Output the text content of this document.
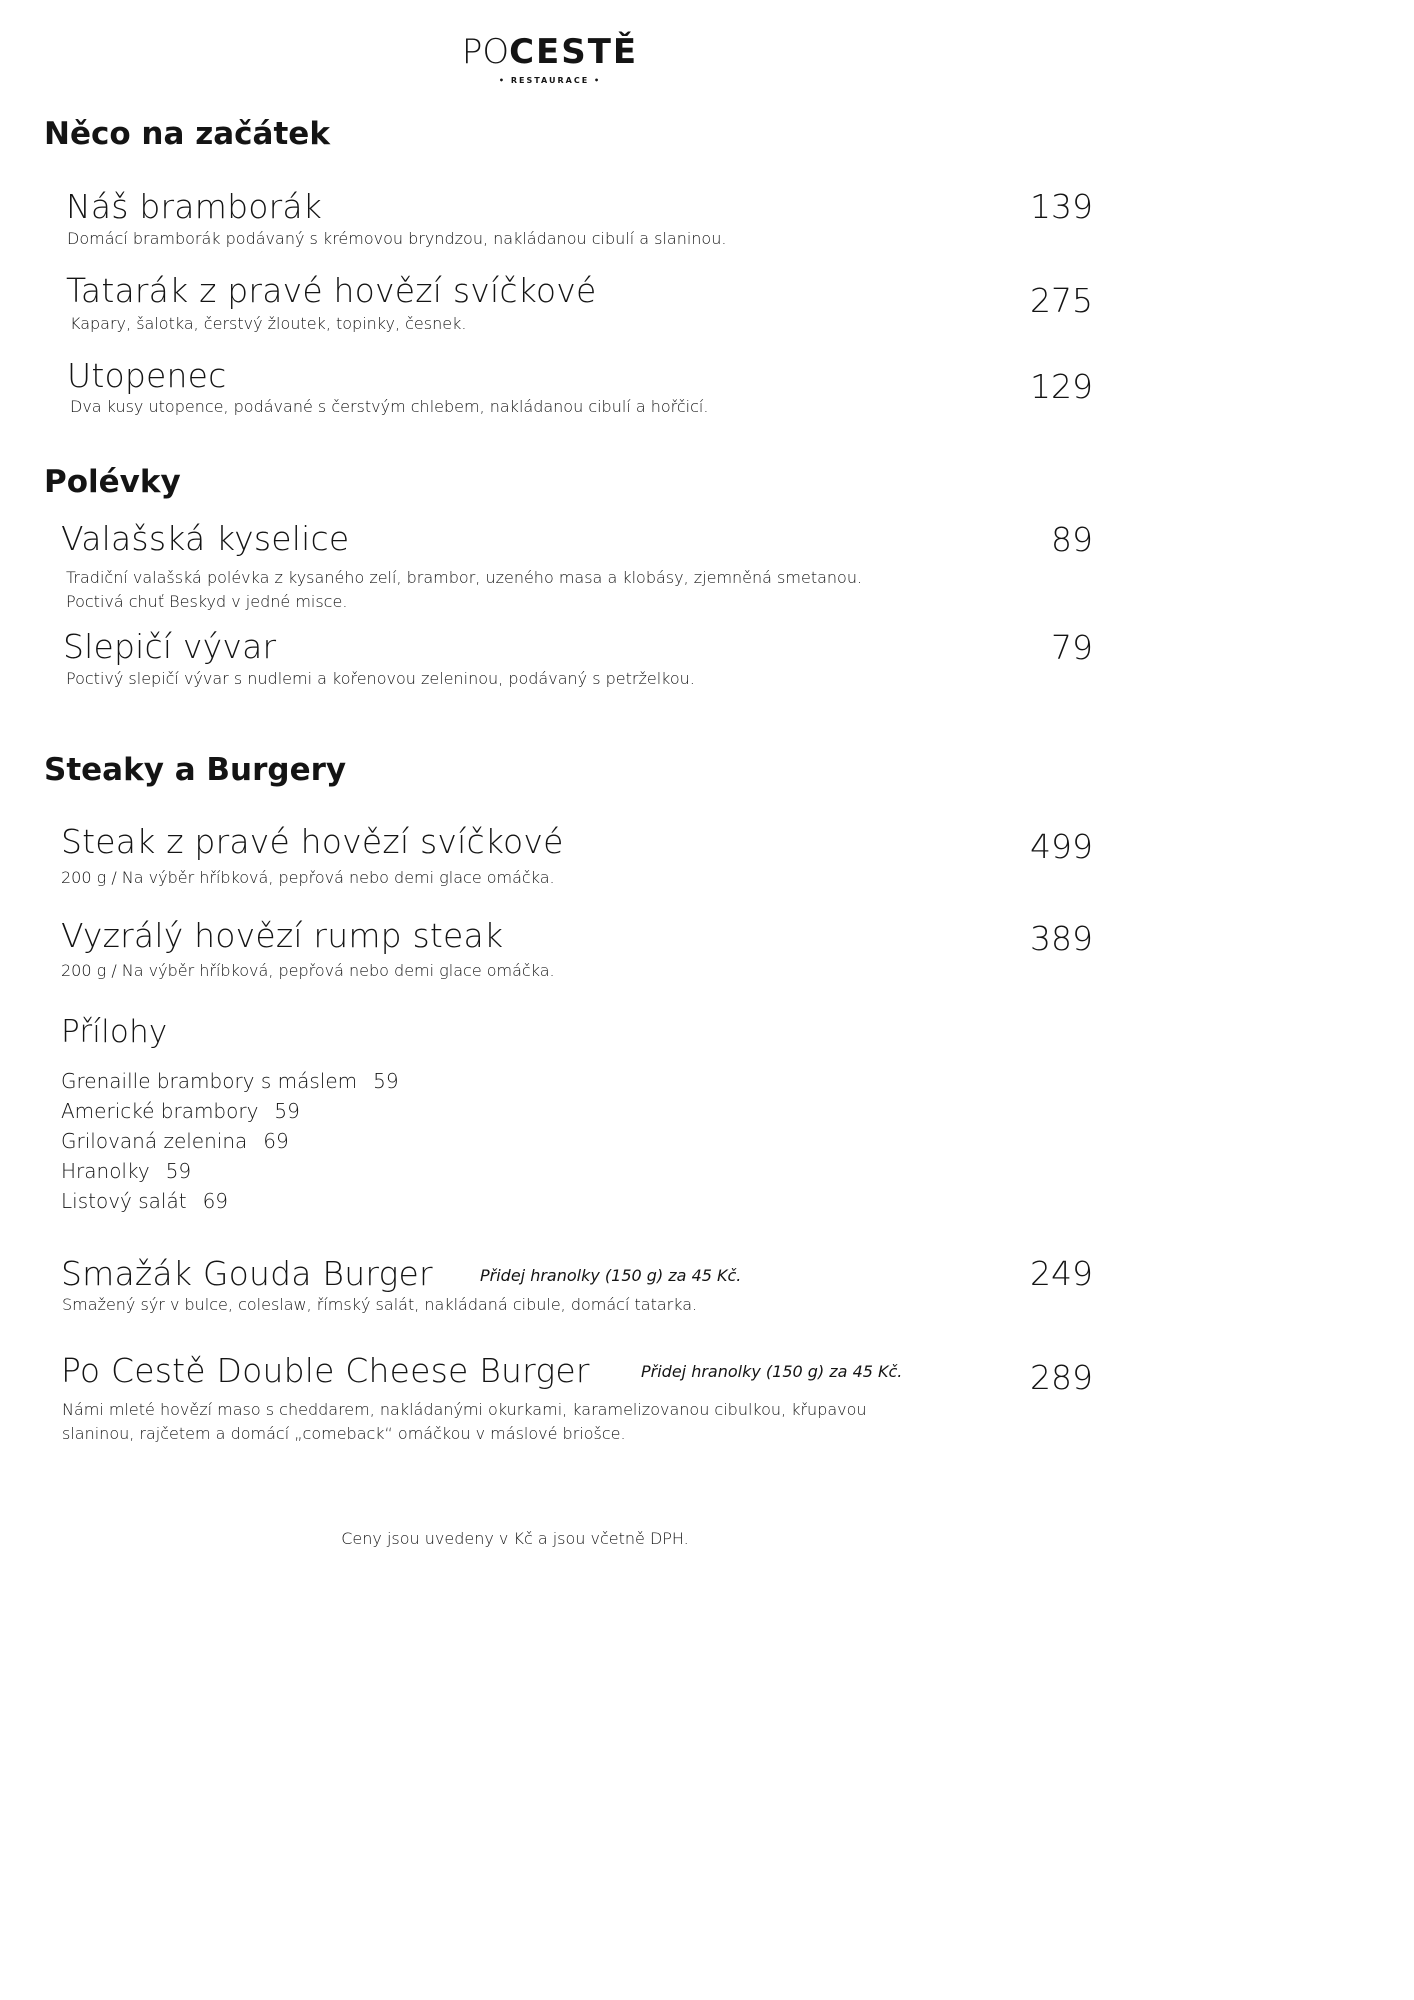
POCESTĚ
• RESTAURACE •
Něco na začátek
Náš bramborák
Domácí bramborák podávaný s krémovou bryndzou, nakládanou cibulí a slaninou.
139
Tatarák z pravé hovězí svíčkové
Kapary, šalotka, čerstvý žloutek, topinky, česnek.
275
Utopenec
Dva kusy utopence, podávané s čerstvým chlebem, nakládanou cibulí a hořčicí.
129
Polévky
Valašská kyselice
Tradiční valašská polévka z kysaného zelí, brambor, uzeného masa a klobásy, zjemněná smetanou.
Poctivá chuť Beskyd v jedné misce.
89
Slepičí vývar
Poctivý slepičí vývar s nudlemi a kořenovou zeleninou, podávaný s petrželkou.
79
Steaky a Burgery
Steak z pravé hovězí svíčkové
200 g / Na výběr hříbková, pepřová nebo demi glace omáčka.
499
Vyzrálý hovězí rump steak
200 g / Na výběr hříbková, pepřová nebo demi glace omáčka.
389
Přílohy
Grenaille brambory s máslem 59
Americké brambory 59
Grilovaná zelenina 69
Hranolky 59
Listový salát 69
Smažák Gouda Burger	Přidej hranolky (150 g) za 45 Kč.
Smažený sýr v bulce, coleslaw, římský salát, nakládaná cibule, domácí tatarka.
249
Po Cestě Double Cheese Burger	Přidej hranolky (150 g) za 45 Kč.
Námi mleté hovězí maso s cheddarem, nakládanými okurkami, karamelizovanou cibulkou, křupavou
slaninou, rajčetem a domácí „comeback“ omáčkou v máslové briošce.
289
Ceny jsou uvedeny v Kč a jsou včetně DPH.
